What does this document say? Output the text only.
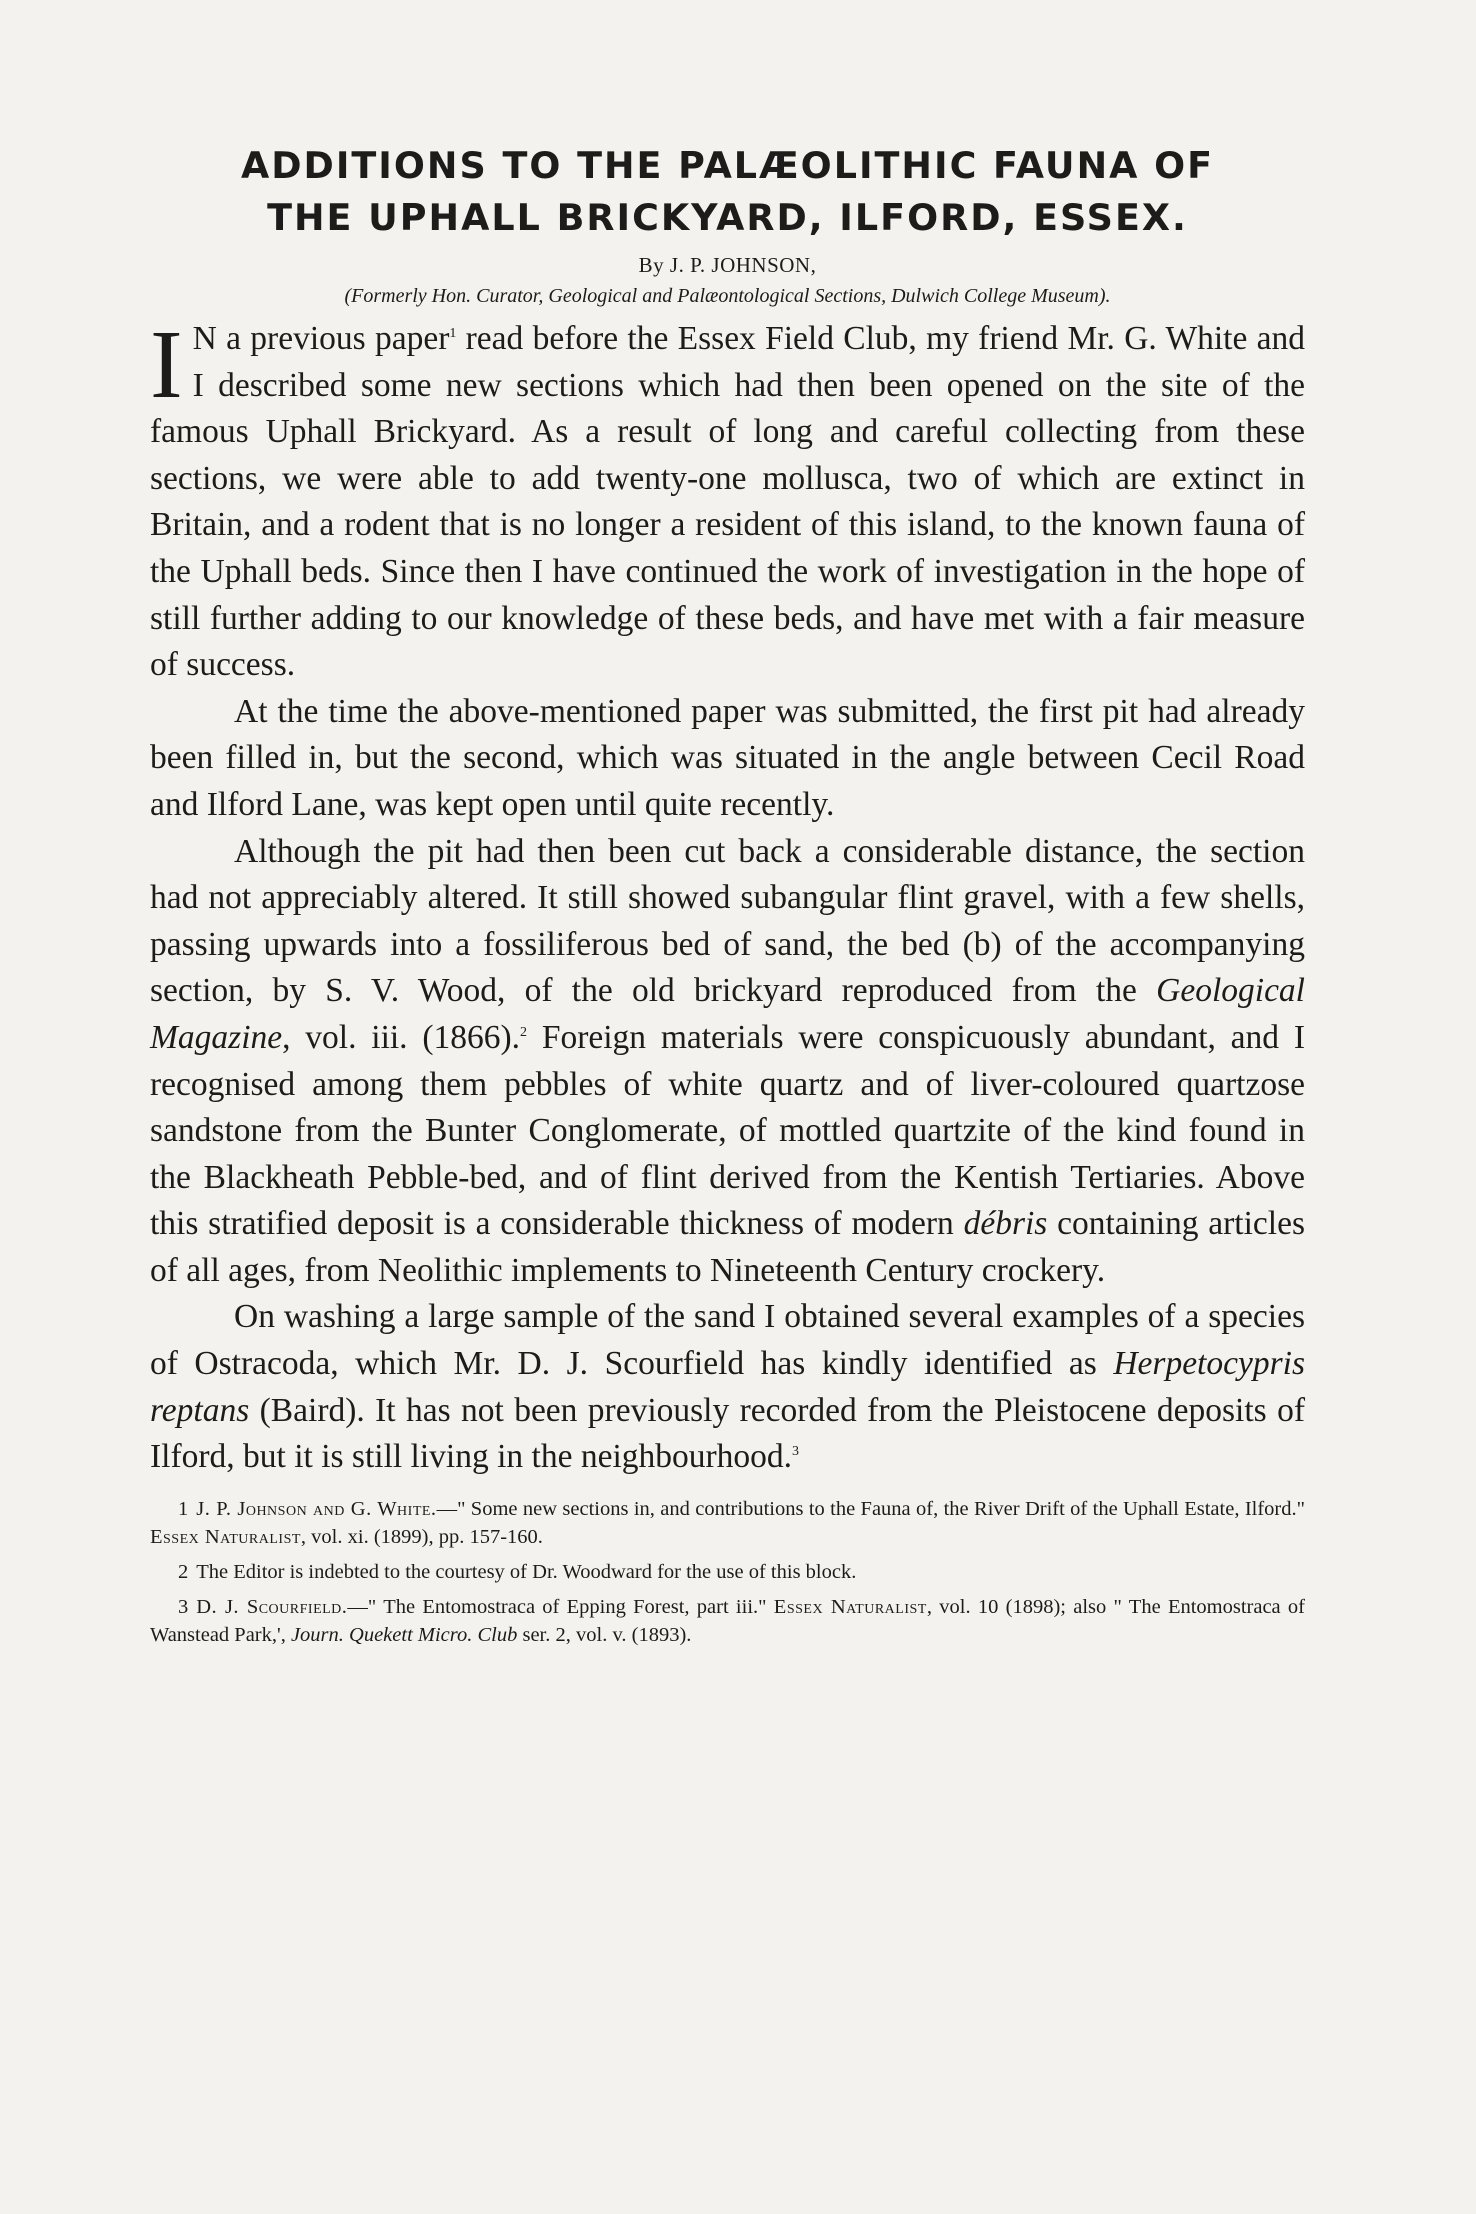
ADDITIONS TO THE PALÆOLITHIC FAUNA OF
THE UPHALL BRICKYARD, ILFORD, ESSEX.
By J. P. JOHNSON,
(Formerly Hon. Curator, Geological and Palæontological Sections, Dulwich College Museum).

I N a previous paper$^1$ read before the Essex Field Club, my friend Mr. G. White and I described some new sections which had then been opened on the site of the famous Uphall Brickyard. As a result of long and careful collecting from these sections, we were able to add twenty-one mollusca, two of which are extinct in Britain, and a rodent that is no longer a resident of this island, to the known fauna of the Uphall beds. Since then I have continued the work of investigation in the hope of still further adding to our knowledge of these beds, and have met with a fair measure of success.

At the time the above-mentioned paper was submitted, the first pit had already been filled in, but the second, which was situated in the angle between Cecil Road and Ilford Lane, was kept open until quite recently.

Although the pit had then been cut back a considerable distance, the section had not appreciably altered. It still showed subangular flint gravel, with a few shells, passing upwards into a fossiliferous bed of sand, the bed (b) of the accompanying section, by S. V. Wood, of the old brickyard reproduced from the Geological Magazine, vol. iii. (1866).$^2$ Foreign materials were conspicuously abundant, and I recognised among them pebbles of white quartz and of liver-coloured quartzose sandstone from the Bunter Conglomerate, of mottled quartzite of the kind found in the Blackheath Pebble-bed, and of flint derived from the Kentish Tertiaries. Above this stratified deposit is a considerable thickness of modern débris containing articles of all ages, from Neolithic implements to Nineteenth Century crockery.

On washing a large sample of the sand I obtained several examples of a species of Ostracoda, which Mr. D. J. Scourfield has kindly identified as Herpetocypris reptans (Baird). It has not been previously recorded from the Pleistocene deposits of Ilford, but it is still living in the neighbourhood.$^3$

1 J. P. Johnson and G. White.—" Some new sections in, and contributions to the Fauna of, the River Drift of the Uphall Estate, Ilford." Essex Naturalist, vol. xi. (1899), pp. 157-160.

2 The Editor is indebted to the courtesy of Dr. Woodward for the use of this block.

3 D. J. Scourfield.—" The Entomostraca of Epping Forest, part iii." Essex Naturalist, vol. 10 (1898); also " The Entomostraca of Wanstead Park,', Journ. Quekett Micro. Club ser. 2, vol. v. (1893).
